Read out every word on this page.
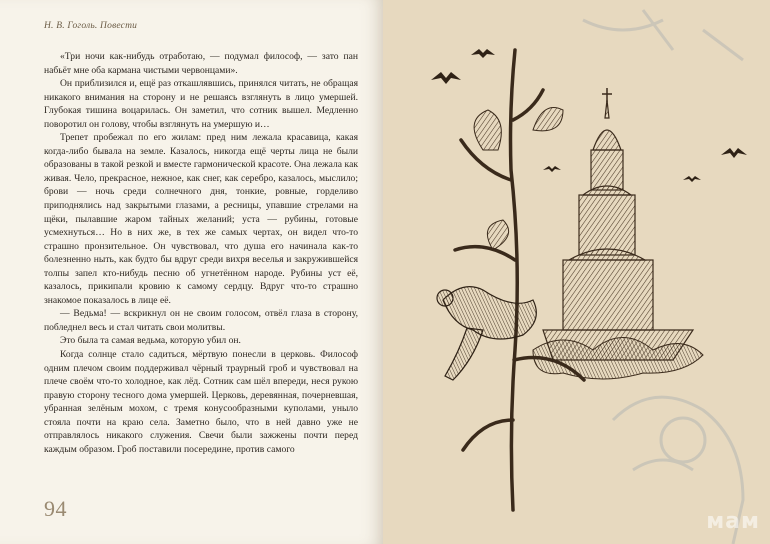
Н. В. Гоголь. Повести

«Три ночи как-нибудь отработаю, — подумал философ, — зато пан набьёт мне оба кармана чистыми червонцами».

Он приблизился и, ещё раз откашлявшись, принялся читать, не обращая никакого внимания на сторону и не решаясь взглянуть в лицо умершей. Глубокая тишина воцарилась. Он заметил, что сотник вышел. Медленно поворотил он голову, чтобы взглянуть на умершую и…

Трепет пробежал по его жилам: пред ним лежала красавица, какая когда-либо бывала на земле. Казалось, никогда ещё черты лица не были образованы в такой резкой и вместе гармонической красоте. Она лежала как живая. Чело, прекрасное, нежное, как снег, как серебро, казалось, мыслило; брови — ночь среди солнечного дня, тонкие, ровные, горделиво приподнялись над закрытыми глазами, а ресницы, упавшие стрелами на щёки, пылавшие жаром тайных желаний; уста — рубины, готовые усмехнуться… Но в них же, в тех же самых чертах, он видел что-то страшно пронзительное. Он чувствовал, что душа его начинала как-то болезненно ныть, как будто бы вдруг среди вихря веселья и закружившейся толпы запел кто-нибудь песню об угнетённом народе. Рубины уст её, казалось, прикипали кровию к самому сердцу. Вдруг что-то страшно знакомое показалось в лице её.

— Ведьма! — вскрикнул он не своим голосом, отвёл глаза в сторону, побледнел весь и стал читать свои молитвы.

Это была та самая ведьма, которую убил он.

Когда солнце стало садиться, мёртвую понесли в церковь. Философ одним плечом своим поддерживал чёрный траурный гроб и чувствовал на плече своём что-то холодное, как лёд. Сотник сам шёл впереди, неся рукою правую сторону тесного дома умершей. Церковь, деревянная, почерневшая, убранная зелёным мохом, с тремя конусообразными куполами, уныло стояла почти на краю села. Заметно было, что в ней давно уже не отправлялось никакого служения. Свечи были зажжены почти перед каждым образом. Гроб поставили посередине, против самого

94
мам
